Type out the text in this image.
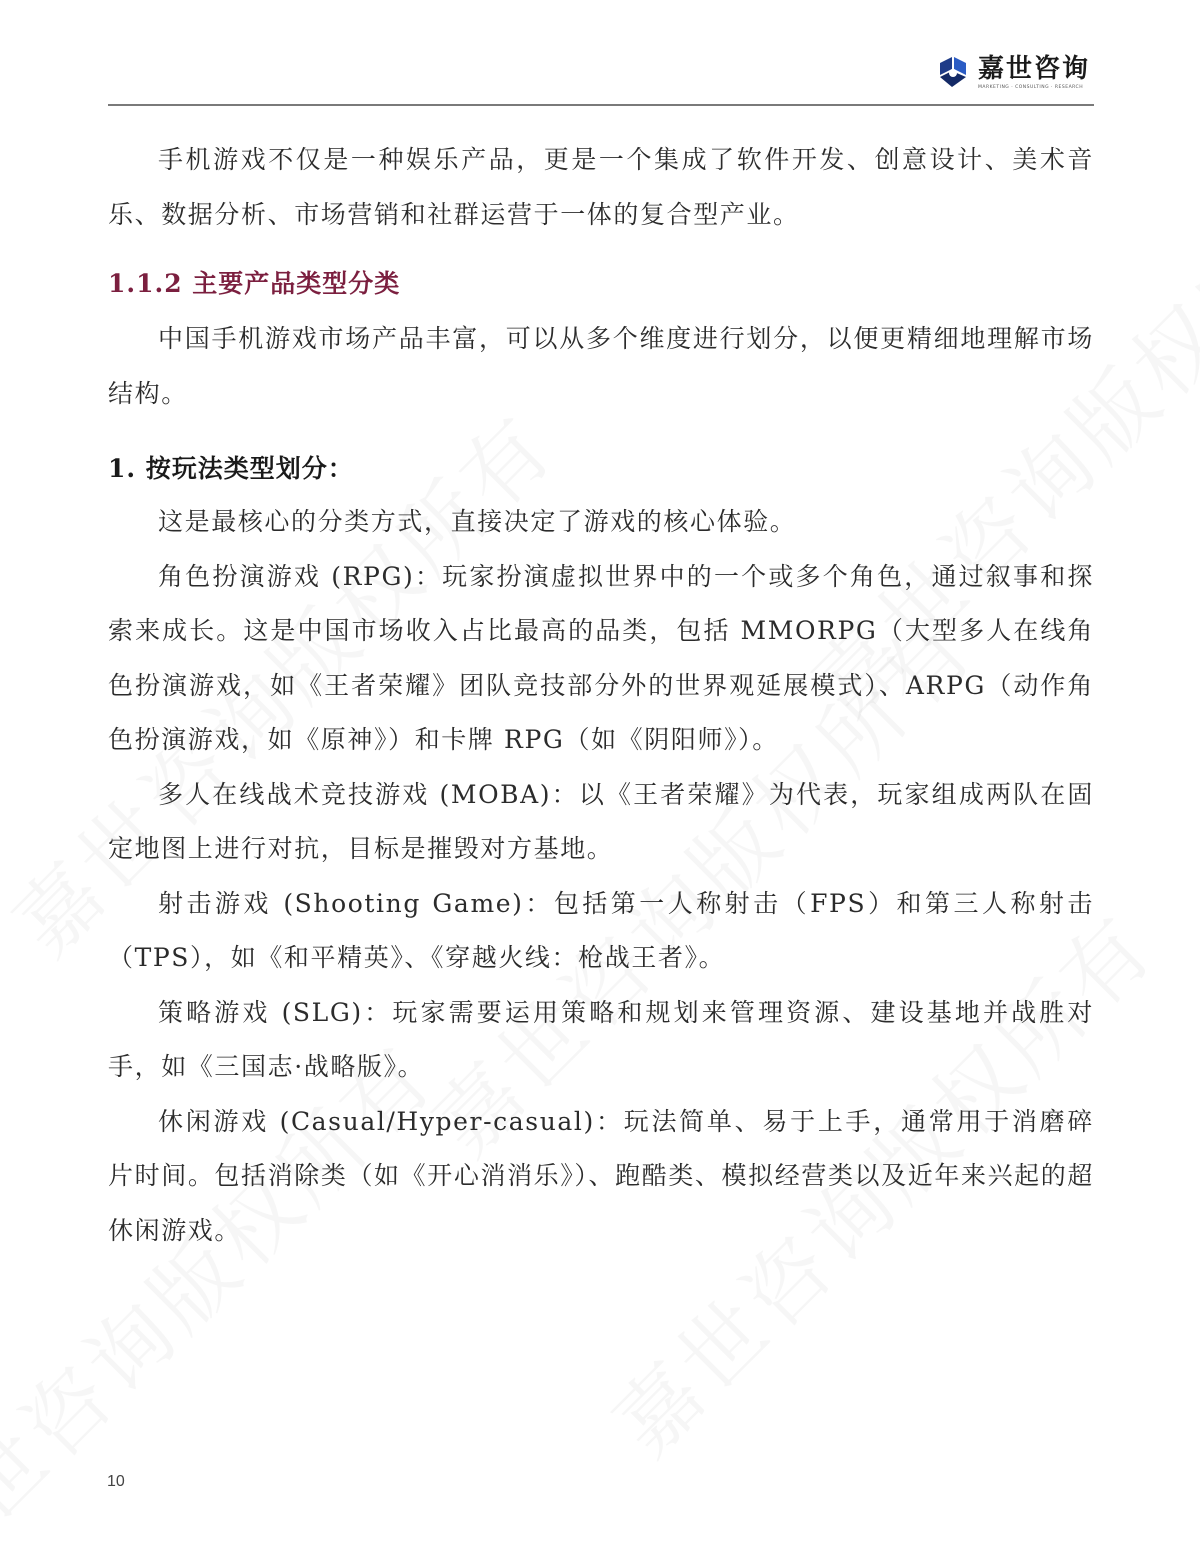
嘉世咨询
MARKETING · CONSULTING · RESEARCH

手机游戏不仅是一种娱乐产品，更是一个集成了软件开发、创意设计、美术音乐、数据分析、市场营销和社群运营于一体的复合型产业。

1.1.2 主要产品类型分类

中国手机游戏市场产品丰富，可以从多个维度进行划分，以便更精细地理解市场结构。

1. 按玩法类型划分：

这是最核心的分类方式，直接决定了游戏的核心体验。

角色扮演游戏 (RPG)：玩家扮演虚拟世界中的一个或多个角色，通过叙事和探索来成长。这是中国市场收入占比最高的品类，包括 MMORPG（大型多人在线角色扮演游戏，如《王者荣耀》团队竞技部分外的世界观延展模式）、ARPG（动作角色扮演游戏，如《原神》）和卡牌 RPG（如《阴阳师》）。

多人在线战术竞技游戏 (MOBA)：以《王者荣耀》为代表，玩家组成两队在固定地图上进行对抗，目标是摧毁对方基地。

射击游戏 (Shooting Game)：包括第一人称射击（FPS）和第三人称射击（TPS），如《和平精英》、《穿越火线：枪战王者》。

策略游戏 (SLG)：玩家需要运用策略和规划来管理资源、建设基地并战胜对手，如《三国志·战略版》。

休闲游戏 (Casual/Hyper-casual)：玩法简单、易于上手，通常用于消磨碎片时间。包括消除类（如《开心消消乐》）、跑酷类、模拟经营类以及近年来兴起的超休闲游戏。

10
